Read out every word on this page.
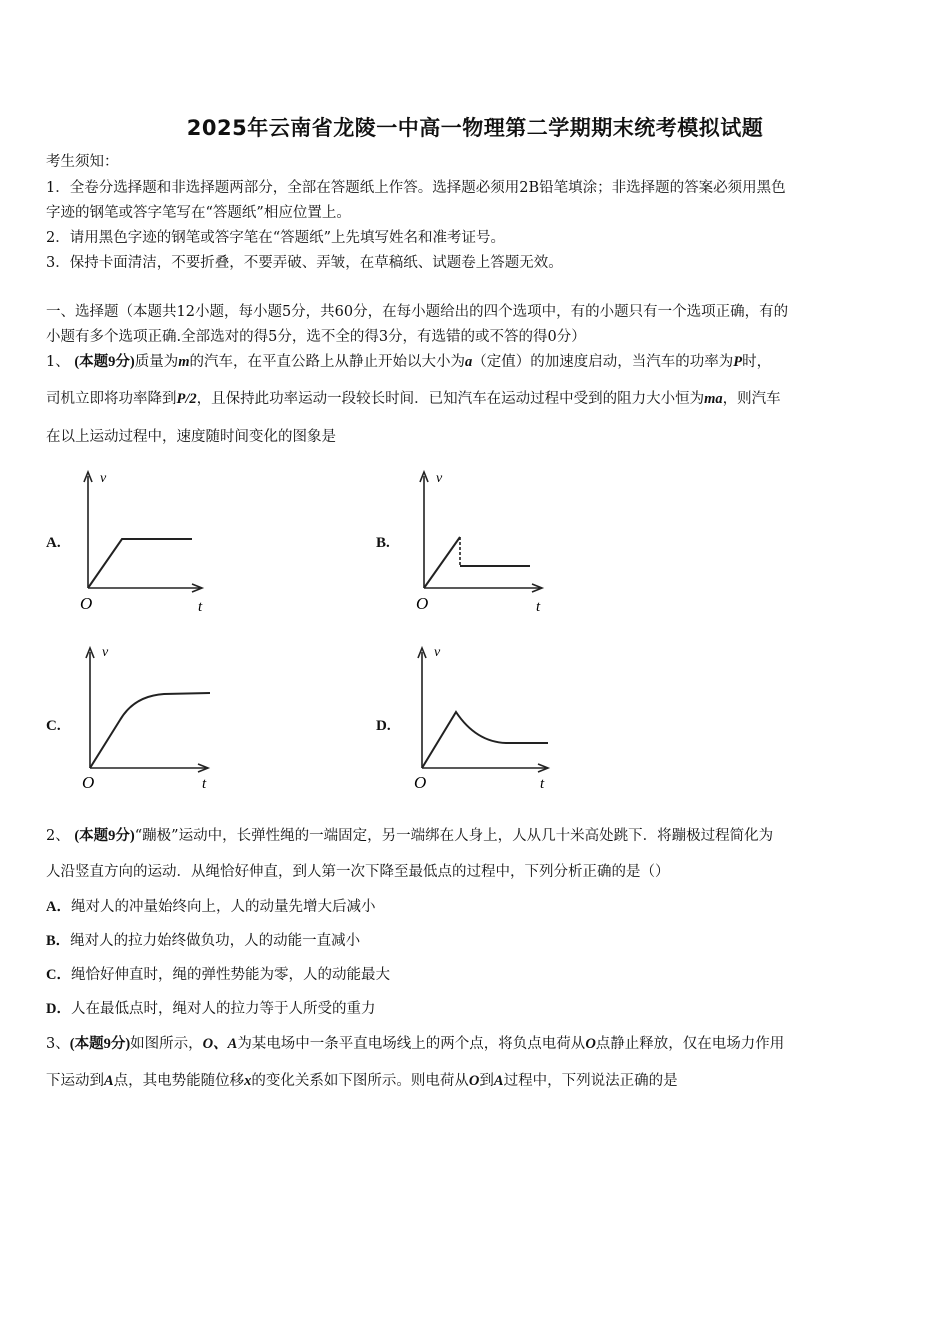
2025年云南省龙陵一中高一物理第二学期期末统考模拟试题
考生须知：
1．全卷分选择题和非选择题两部分，全部在答题纸上作答。选择题必须用2B铅笔填涂；非选择题的答案必须用黑色
字迹的钢笔或答字笔写在“答题纸”相应位置上。
2．请用黑色字迹的钢笔或答字笔在“答题纸”上先填写姓名和准考证号。
3．保持卡面清洁，不要折叠，不要弄破、弄皱，在草稿纸、试题卷上答题无效。
一、选择题（本题共12小题，每小题5分，共60分，在每小题给出的四个选项中，有的小题只有一个选项正确，有的
小题有多个选项正确.全部选对的得5分，选不全的得3分，有选错的或不答的得0分）
1、 (本题9分)质量为m的汽车，在平直公路上从静止开始以大小为a（定值）的加速度启动，当汽车的功率为P时，
司机立即将功率降到P/2，且保持此功率运动一段较长时间．已知汽车在运动过程中受到的阻力大小恒为ma，则汽车
在以上运动过程中，速度随时间变化的图象是
A.	B.
C.	D.
v
O	t
v
O	t
v
O	t
v
O	t
2、 (本题9分)“蹦极”运动中，长弹性绳的一端固定，另一端绑在人身上，人从几十米高处跳下．将蹦极过程简化为
人沿竖直方向的运动．从绳恰好伸直，到人第一次下降至最低点的过程中，下列分析正确的是（）
A．绳对人的冲量始终向上，人的动量先增大后减小
B．绳对人的拉力始终做负功，人的动能一直减小
C．绳恰好伸直时，绳的弹性势能为零，人的动能最大
D．人在最低点时，绳对人的拉力等于人所受的重力
3、(本题9分)如图所示，O、A为某电场中一条平直电场线上的两个点，将负点电荷从O点静止释放，仅在电场力作用
下运动到A点，其电势能随位移x的变化关系如下图所示。则电荷从O到A过程中，下列说法正确的是
